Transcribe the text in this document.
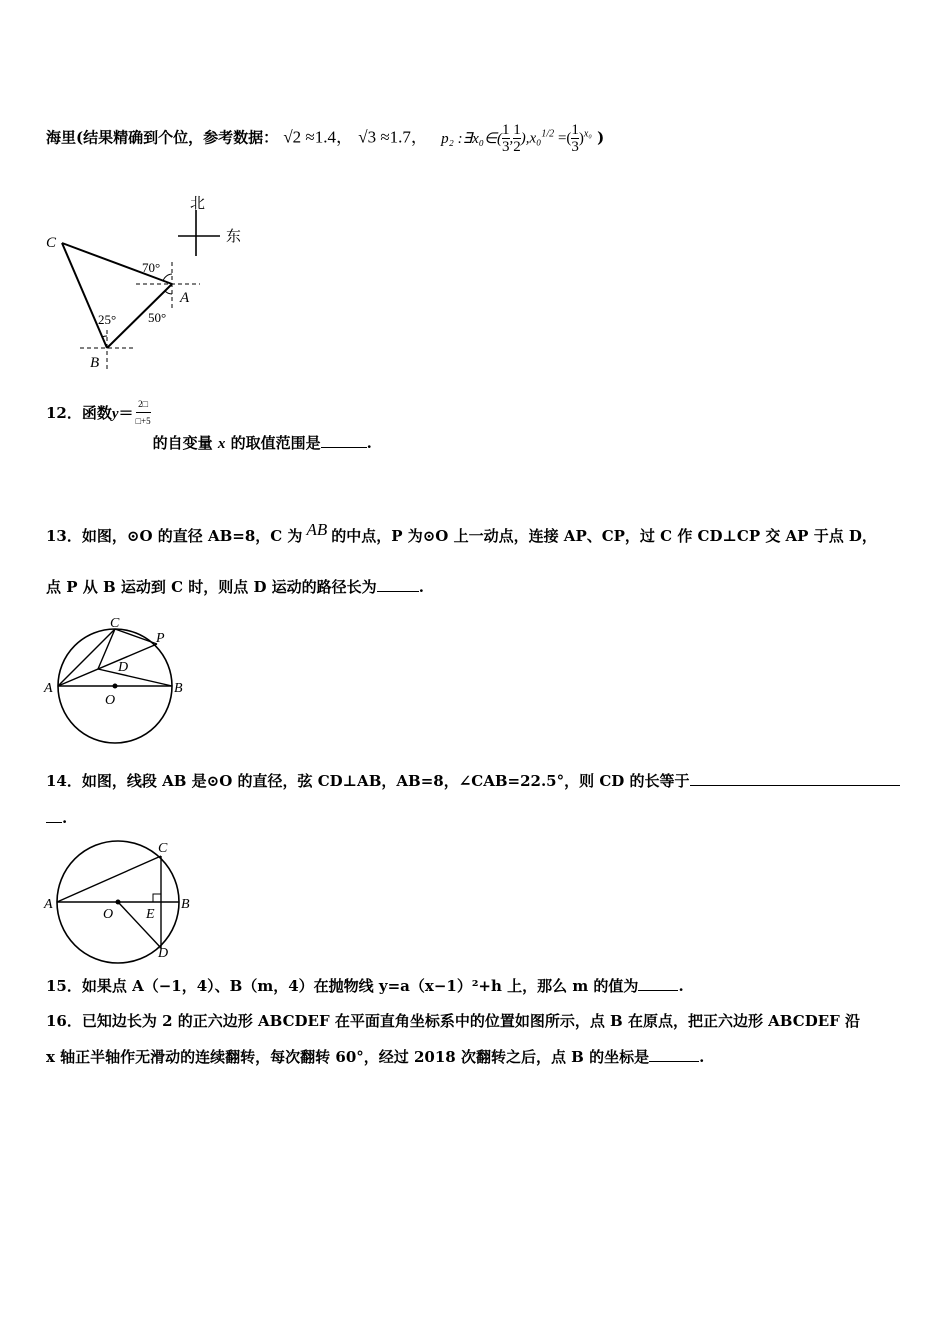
海里(结果精确到个位，参考数据： √2 ≈1.4， √3 ≈1.7， p₂ :∃x₀∈( $\frac{1}{3}$ , $\frac{1}{2} ),x_0^{1/2}$ =( $\frac{1}{3} )^{x_0}$ )
北
东
C
A
B
70°
50°
25°
12．函数$y= \frac{2□}{□+5}$
的自变量 x 的取值范围是	.
13．如图，⊙O 的直径 AB=8，C 为 AB 的中点，P 为⊙O 上一动点，连接 AP、CP，过 C 作 CD⊥CP 交 AP 于点 D，
点 P 从 B 运动到 C 时，则点 D 运动的路径长为	.
A	B
C
P
D
O
14．如图，线段 AB 是⊙O 的直径，弦 CD⊥AB，AB=8，∠CAB=22.5°，则 CD 的长等于
.
A	B
C
D
O E
15．如果点 A（−1，4）、B（m，4）在抛物线 y=a（x−1）²+h 上，那么 m 的值为	.
16．已知边长为 2 的正六边形 ABCDEF 在平面直角坐标系中的位置如图所示，点 B 在原点，把正六边形 ABCDEF 沿
x 轴正半轴作无滑动的连续翻转，每次翻转 60°，经过 2018 次翻转之后，点 B 的坐标是	.
